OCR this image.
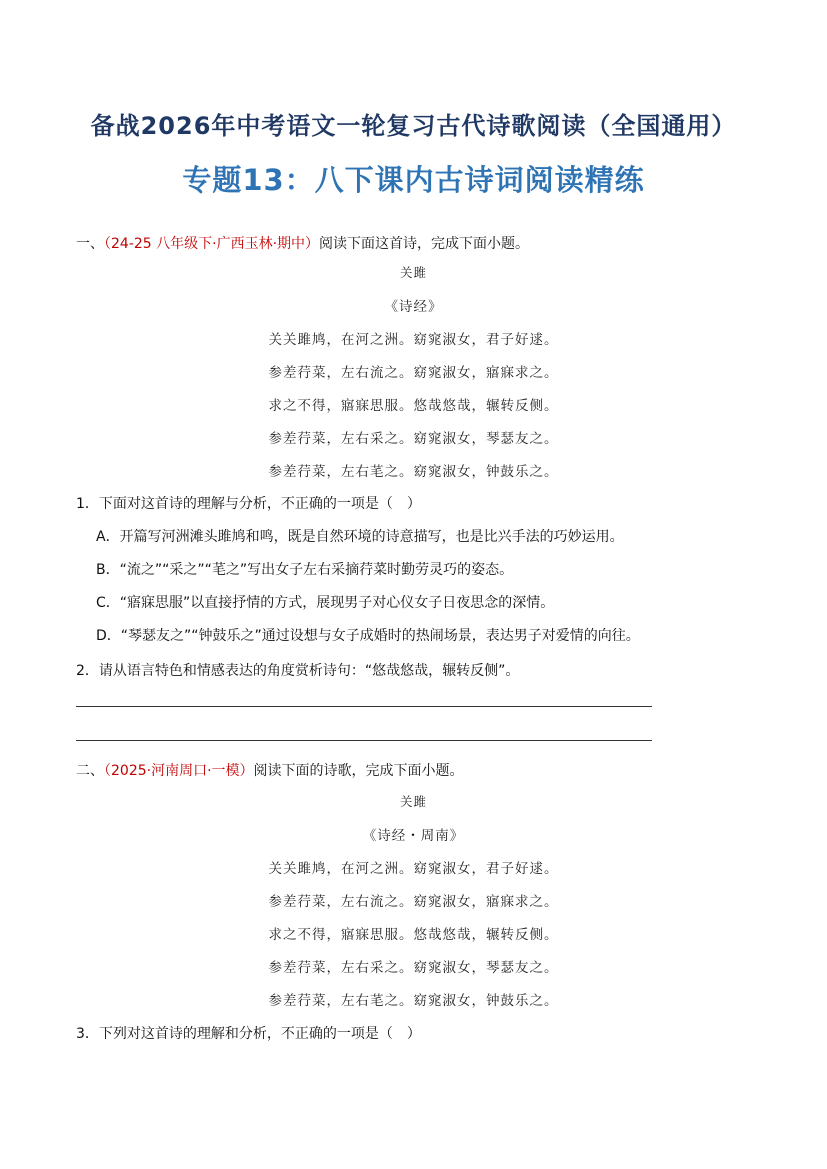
备战2026年中考语文一轮复习古代诗歌阅读（全国通用）
专题13：八下课内古诗词阅读精练
一、（24-25 八年级下·广西玉林·期中）阅读下面这首诗，完成下面小题。
关雎
《诗经》
关关雎鸠，在河之洲。窈窕淑女，君子好逑。
参差荇菜，左右流之。窈窕淑女，寤寐求之。
求之不得，寤寐思服。悠哉悠哉，辗转反侧。
参差荇菜，左右采之。窈窕淑女，琴瑟友之。
参差荇菜，左右芼之。窈窕淑女，钟鼓乐之。
1．下面对这首诗的理解与分析，不正确的一项是（　）
A．开篇写河洲滩头雎鸠和鸣，既是自然环境的诗意描写，也是比兴手法的巧妙运用。
B．“流之”“采之”“芼之”写出女子左右采摘荇菜时勤劳灵巧的姿态。
C．“寤寐思服”以直接抒情的方式，展现男子对心仪女子日夜思念的深情。
D．“琴瑟友之”“钟鼓乐之”通过设想与女子成婚时的热闹场景，表达男子对爱情的向往。
2．请从语言特色和情感表达的角度赏析诗句：“悠哉悠哉，辗转反侧”。
二、（2025·河南周口·一模）阅读下面的诗歌，完成下面小题。
关雎
《诗经・周南》
关关雎鸠，在河之洲。窈窕淑女，君子好逑。
参差荇菜，左右流之。窈窕淑女，寤寐求之。
求之不得，寤寐思服。悠哉悠哉，辗转反侧。
参差荇菜，左右采之。窈窕淑女，琴瑟友之。
参差荇菜，左右芼之。窈窕淑女，钟鼓乐之。
3．下列对这首诗的理解和分析，不正确的一项是（　）
